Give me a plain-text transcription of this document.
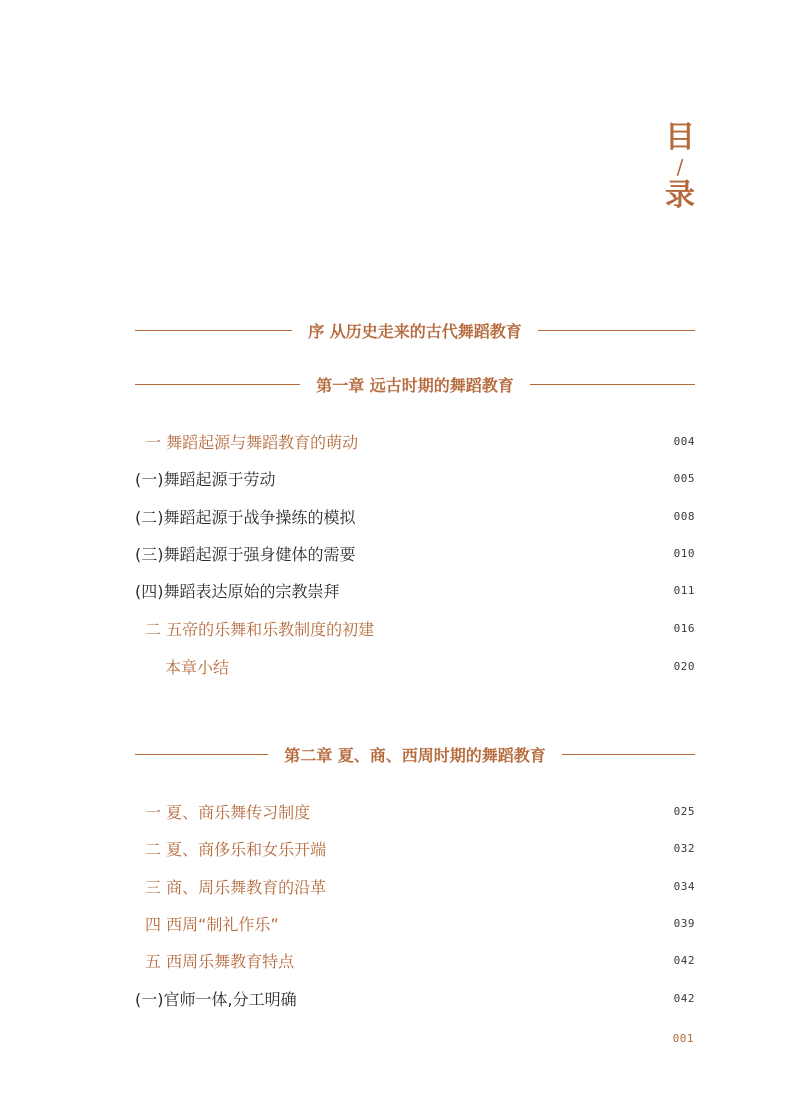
目
/
录
序 从历史走来的古代舞蹈教育
第一章 远古时期的舞蹈教育
一 舞蹈起源与舞蹈教育的萌动	004
(一)舞蹈起源于劳动	005
(二)舞蹈起源于战争操练的模拟	008
(三)舞蹈起源于强身健体的需要	010
(四)舞蹈表达原始的宗教崇拜	011
二 五帝的乐舞和乐教制度的初建	016
本章小结	020
第二章 夏、商、西周时期的舞蹈教育
一 夏、商乐舞传习制度	025
二 夏、商侈乐和女乐开端	032
三 商、周乐舞教育的沿革	034
四 西周“制礼作乐”	039
五 西周乐舞教育特点	042
(一)官师一体,分工明确	042
001
